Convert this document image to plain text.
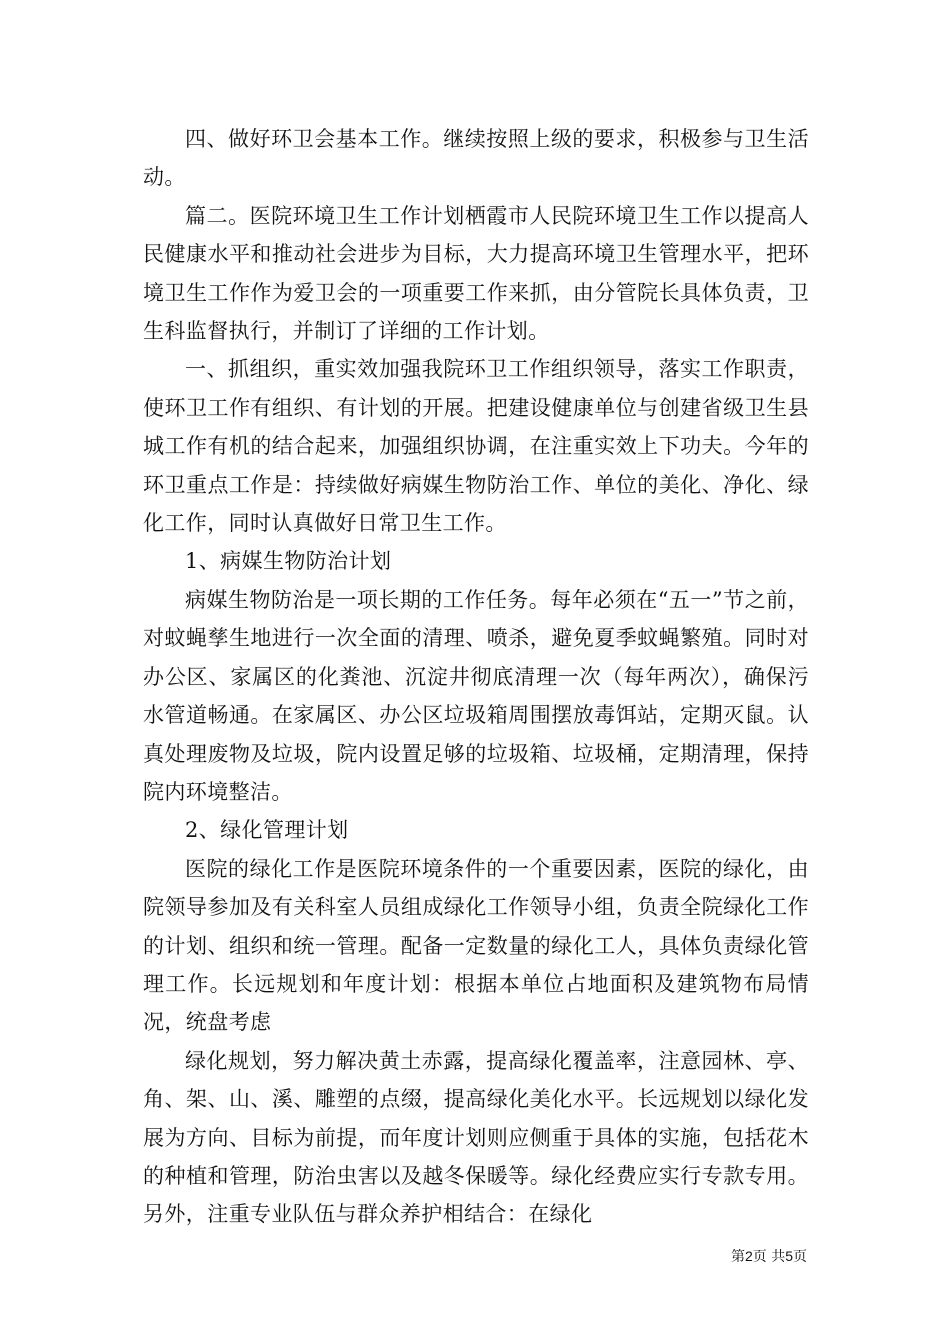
四、做好环卫会基本工作。继续按照上级的要求，积极参与卫生活动。

篇二。医院环境卫生工作计划栖霞市人民院环境卫生工作以提高人民健康水平和推动社会进步为目标，大力提高环境卫生管理水平，把环境卫生工作作为爱卫会的一项重要工作来抓，由分管院长具体负责，卫生科监督执行，并制订了详细的工作计划。

一、抓组织，重实效加强我院环卫工作组织领导，落实工作职责，使环卫工作有组织、有计划的开展。把建设健康单位与创建省级卫生县城工作有机的结合起来，加强组织协调，在注重实效上下功夫。今年的环卫重点工作是：持续做好病媒生物防治工作、单位的美化、净化、绿化工作，同时认真做好日常卫生工作。

1、病媒生物防治计划

病媒生物防治是一项长期的工作任务。每年必须在“五一”节之前，对蚊蝇孳生地进行一次全面的清理、喷杀，避免夏季蚊蝇繁殖。同时对办公区、家属区的化粪池、沉淀井彻底清理一次（每年两次），确保污水管道畅通。在家属区、办公区垃圾箱周围摆放毒饵站，定期灭鼠。认真处理废物及垃圾，院内设置足够的垃圾箱、垃圾桶，定期清理，保持院内环境整洁。

2、绿化管理计划

医院的绿化工作是医院环境条件的一个重要因素，医院的绿化，由院领导参加及有关科室人员组成绿化工作领导小组，负责全院绿化工作的计划、组织和统一管理。配备一定数量的绿化工人，具体负责绿化管理工作。长远规划和年度计划：根据本单位占地面积及建筑物布局情况，统盘考虑

绿化规划，努力解决黄土赤露，提高绿化覆盖率，注意园林、亭、角、架、山、溪、雕塑的点缀，提高绿化美化水平。长远规划以绿化发展为方向、目标为前提，而年度计划则应侧重于具体的实施，包括花木的种植和管理，防治虫害以及越冬保暖等。绿化经费应实行专款专用。另外，注重专业队伍与群众养护相结合：在绿化

第2页 共5页
